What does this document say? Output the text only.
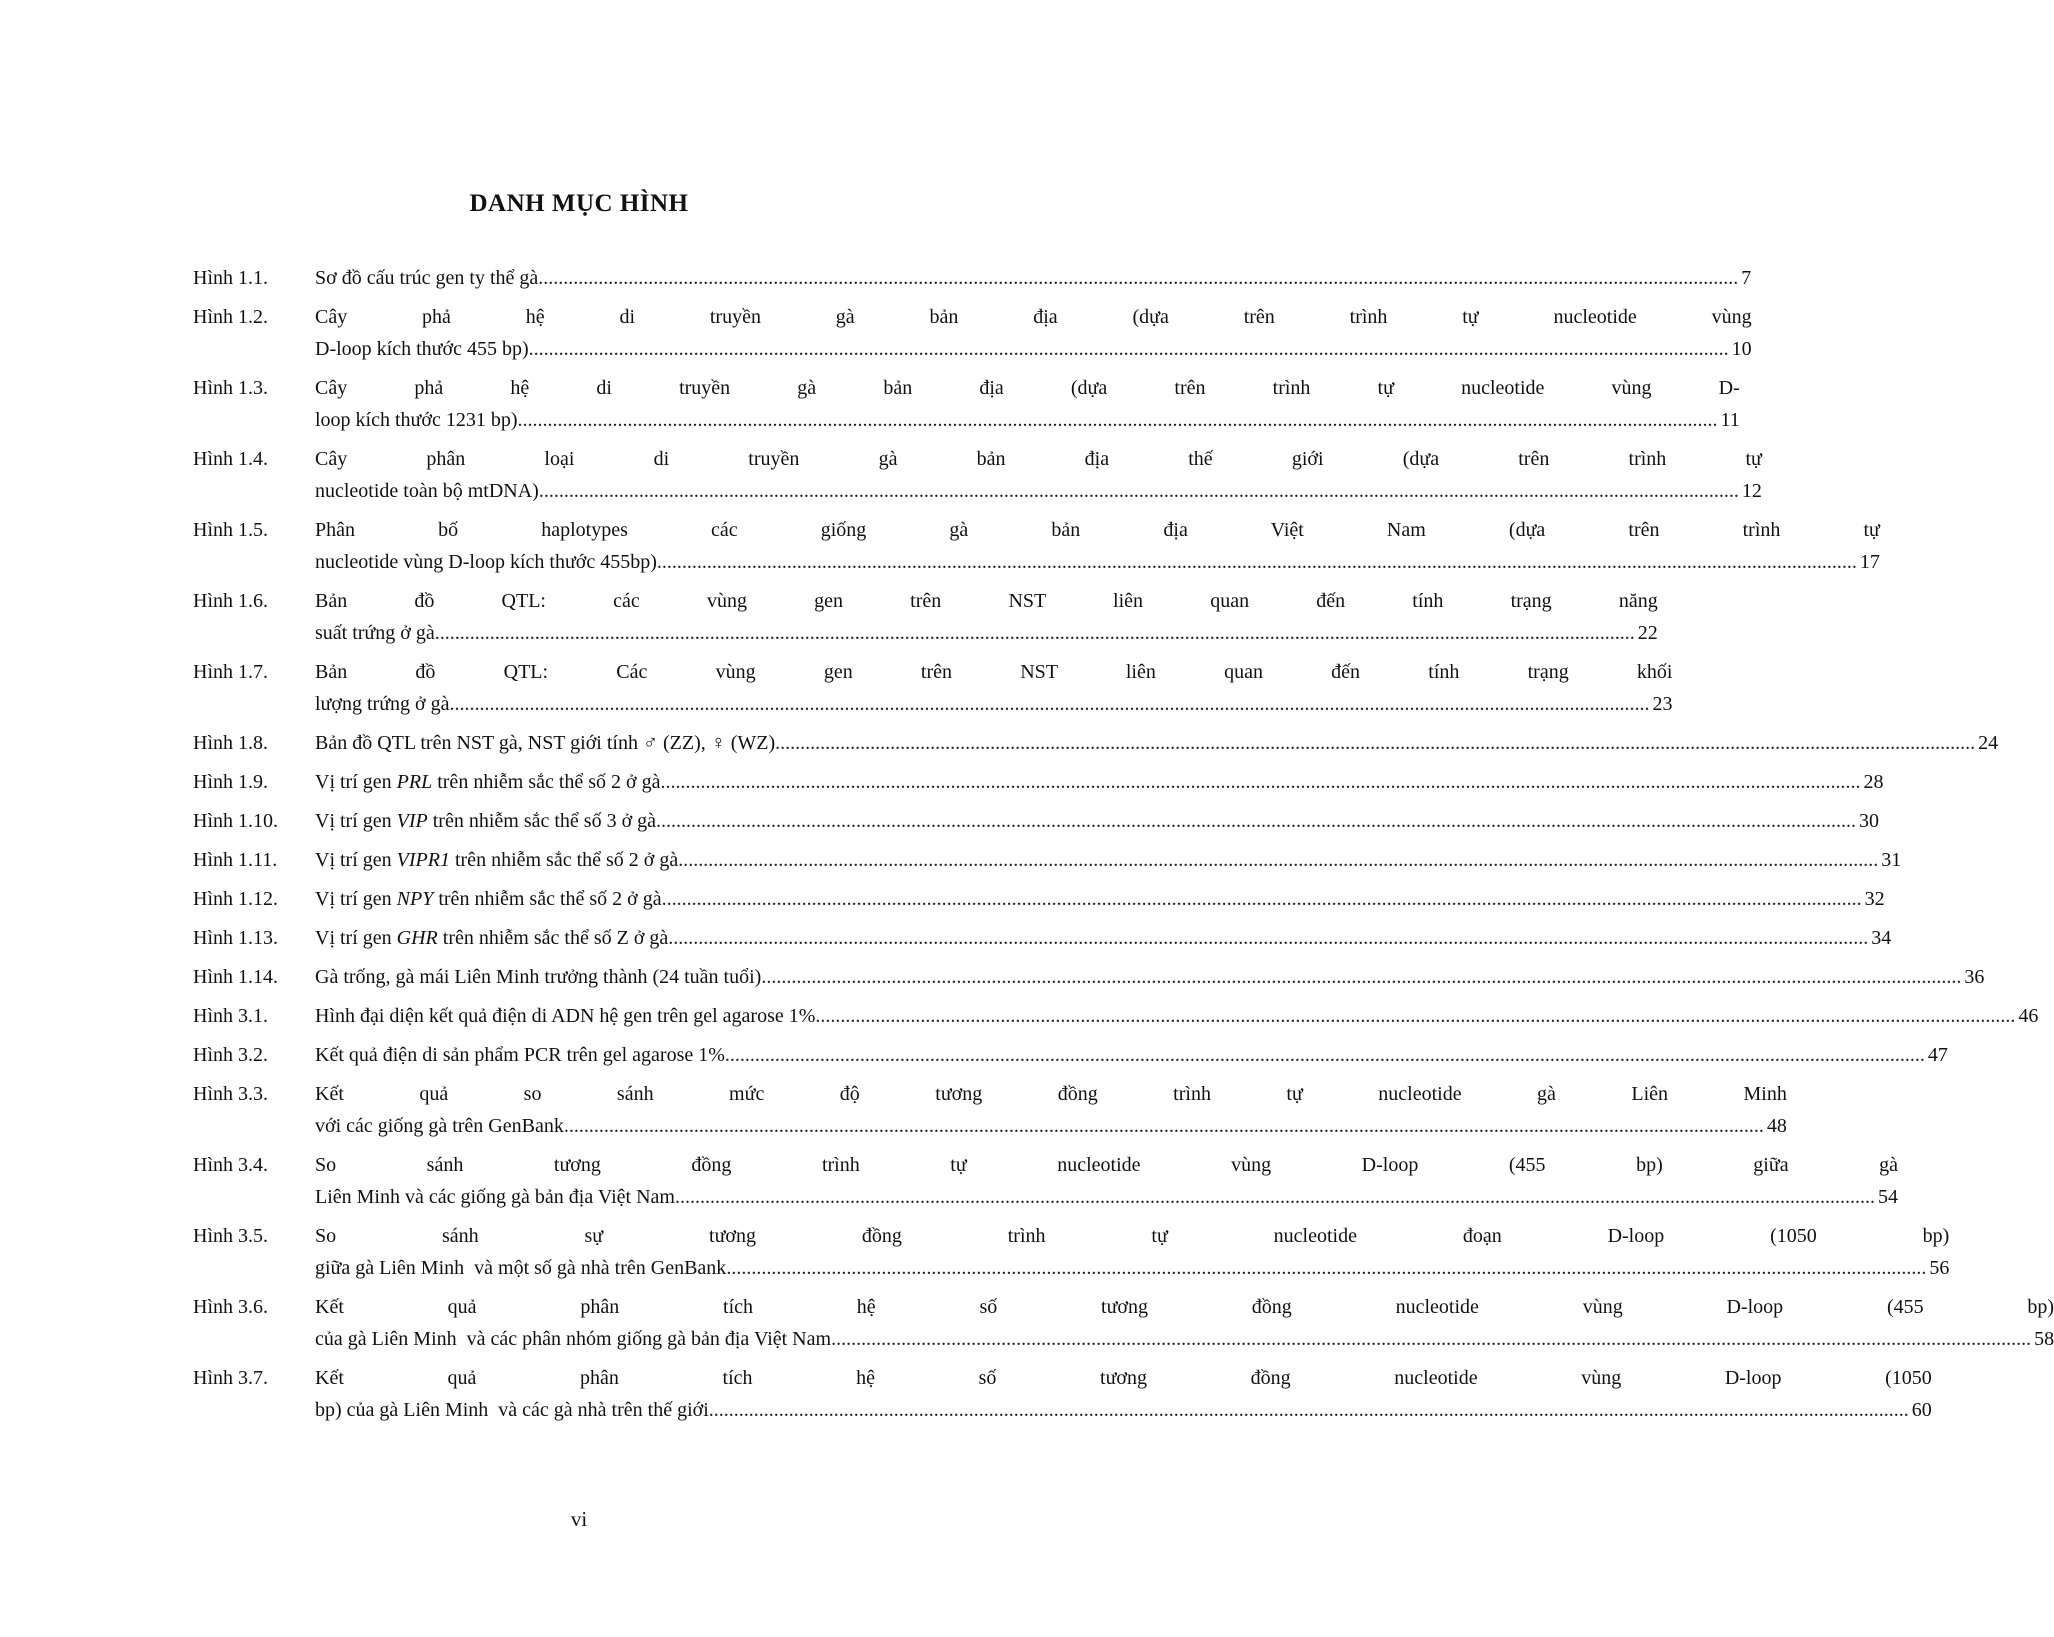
DANH MỤC HÌNH
Hình 1.1.	Sơ đồ cấu trúc gen ty thể gà .....	7
Hình 1.2.	Cây phả hệ di truyền gà bản địa (dựa trên trình tự nucleotide vùng
D-loop kích thước 455 bp) .....	10
Hình 1.3.	Cây phả hệ di truyền gà bản địa (dựa trên trình tự nucleotide vùng D-
loop kích thước 1231 bp) .....	11
Hình 1.4.	Cây phân loại di truyền gà bản địa thế giới (dựa trên trình tự
nucleotide toàn bộ mtDNA) .....	12
Hình 1.5.	Phân bố haplotypes các giống gà bản địa Việt Nam (dựa trên trình tự
nucleotide vùng D-loop kích thước 455bp) .....	17
Hình 1.6.	Bản đồ QTL: các vùng gen trên NST liên quan đến tính trạng năng
suất trứng ở gà .....	22
Hình 1.7.	Bản đồ QTL: Các vùng gen trên NST liên quan đến tính trạng khối
lượng trứng ở gà .....	23
Hình 1.8.	Bản đồ QTL trên NST gà, NST giới tính ♂ (ZZ), ♀ (WZ) .....	24
Hình 1.9.	Vị trí gen PRL trên nhiễm sắc thể số 2 ở gà .....	28
Hình 1.10.	Vị trí gen VIP trên nhiễm sắc thể số 3 ở gà .....	30
Hình 1.11.	Vị trí gen VIPR1 trên nhiễm sắc thể số 2 ở gà .....	31
Hình 1.12.	Vị trí gen NPY trên nhiễm sắc thể số 2 ở gà .....	32
Hình 1.13.	Vị trí gen GHR trên nhiễm sắc thể số Z ở gà .....	34
Hình 1.14.	Gà trống, gà mái Liên Minh trưởng thành (24 tuần tuổi) .....	36
Hình 3.1.	Hình đại diện kết quả điện di ADN hệ gen trên gel agarose 1% .....	46
Hình 3.2.	Kết quả điện di sản phẩm PCR trên gel agarose 1% .....	47
Hình 3.3.	Kết quả so sánh mức độ tương đồng trình tự nucleotide gà Liên Minh
với các giống gà trên GenBank .....	48
Hình 3.4.	So sánh tương đồng trình tự nucleotide vùng D-loop (455 bp) giữa gà
Liên Minh và các giống gà bản địa Việt Nam .....	54
Hình 3.5.	So sánh sự tương đồng trình tự nucleotide đoạn D-loop (1050 bp)
giữa gà Liên Minh  và một số gà nhà trên GenBank .....	56
Hình 3.6.	Kết quả phân tích hệ số tương đồng nucleotide vùng D-loop (455 bp)
của gà Liên Minh  và các phân nhóm giống gà bản địa Việt Nam .....	58
Hình 3.7.	Kết quả phân tích hệ số tương đồng nucleotide vùng D-loop (1050
bp) của gà Liên Minh  và các gà nhà trên thế giới .....	60
vi
